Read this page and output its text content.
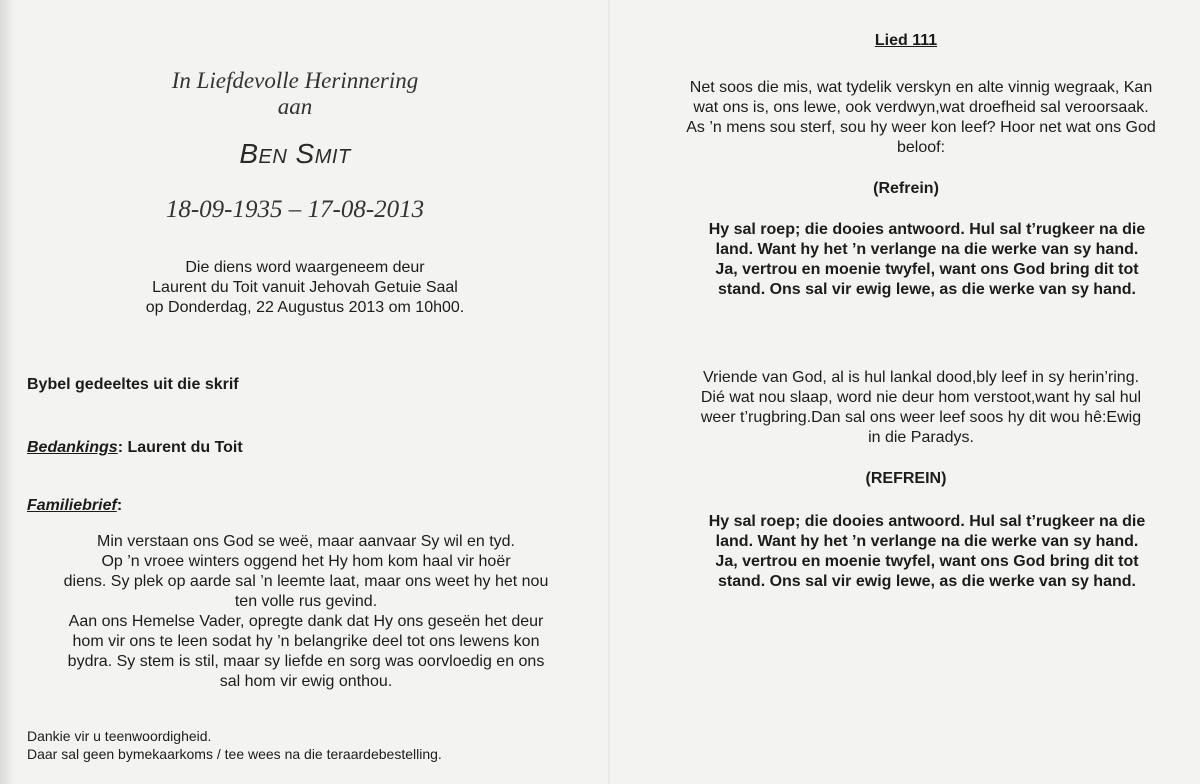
In Liefdevolle Herinnering
aan
Ben Smit
18-09-1935 – 17-08-2013
Die diens word waargeneem deur
Laurent du Toit vanuit Jehovah Getuie Saal
op Donderdag, 22 Augustus 2013 om 10h00.
Bybel gedeeltes uit die skrif
Bedankings: Laurent du Toit
Familiebrief:
Min verstaan ons God se weë, maar aanvaar Sy wil en tyd.
Op ’n vroee winters oggend het Hy hom kom haal vir hoër
diens. Sy plek op aarde sal ’n leemte laat, maar ons weet hy het nou
ten volle rus gevind.
Aan ons Hemelse Vader, opregte dank dat Hy ons geseën het deur
hom vir ons te leen sodat hy ’n belangrike deel tot ons lewens kon
bydra. Sy stem is stil, maar sy liefde en sorg was oorvloedig en ons
sal hom vir ewig onthou.
Dankie vir u teenwoordigheid.
Daar sal geen bymekaarkoms / tee wees na die teraardebestelling.
Lied 111
Net soos die mis, wat tydelik verskyn en alte vinnig wegraak, Kan
wat ons is, ons lewe, ook verdwyn,wat droefheid sal veroorsaak.
As ’n mens sou sterf, sou hy weer kon leef? Hoor net wat ons God
beloof:
(Refrein)
Hy sal roep; die dooies antwoord. Hul sal t’rugkeer na die
land. Want hy het ’n verlange na die werke van sy hand.
Ja, vertrou en moenie twyfel, want ons God bring dit tot
stand. Ons sal vir ewig lewe, as die werke van sy hand.
Vriende van God, al is hul lankal dood,bly leef in sy herin’ring.
Dié wat nou slaap, word nie deur hom verstoot,want hy sal hul
weer t’rugbring.Dan sal ons weer leef soos hy dit wou hê:Ewig
in die Paradys.
(REFREIN)
Hy sal roep; die dooies antwoord. Hul sal t’rugkeer na die
land. Want hy het ’n verlange na die werke van sy hand.
Ja, vertrou en moenie twyfel, want ons God bring dit tot
stand. Ons sal vir ewig lewe, as die werke van sy hand.
